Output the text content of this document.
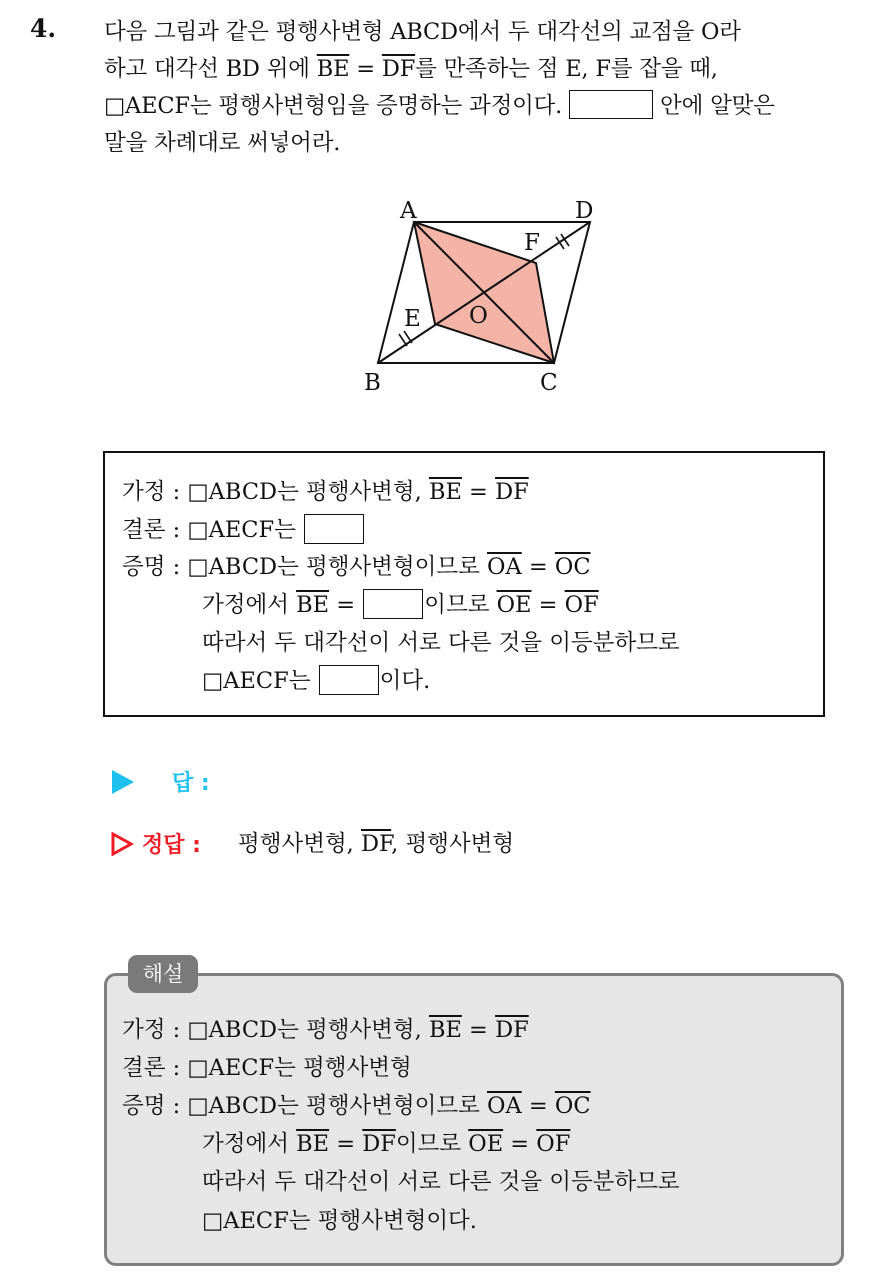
4. 다음 그림과 같은 평행사변형 ABCD에서 두 대각선의 교점을 O라
하고 대각선 BD 위에 $\overline{BE} = \overline{DF}$를 만족하는 점 E, F를 잡을 때,
□AECF는 평행사변형임을 증명하는 과정이다.	안에 알맞은
말을 차례대로 써넣어라.
A	D
B	C
E
F
O
가정 : □ABCD는 평행사변형, $\overline{BE} = \overline{DF}$
결론 : □AECF는
증명 : □ABCD는 평행사변형이므로 $\overline{OA} = \overline{OC}$
가정에서 $\overline{BE}$ =	이므로 $\overline{OE} = \overline{OF}$
따라서 두 대각선이 서로 다른 것을 이등분하므로
□AECF는	이다.
답 :
정답 : 평행사변형, $\overline{DF}$, 평행사변형
해설
가정 : □ABCD는 평행사변형, $\overline{BE} = \overline{DF}$
결론 : □AECF는 평행사변형
증명 : □ABCD는 평행사변형이므로 $\overline{OA} = \overline{OC}$
가정에서 $\overline{BE} = \overline{DF}$이므로 $\overline{OE} = \overline{OF}$
따라서 두 대각선이 서로 다른 것을 이등분하므로
□AECF는 평행사변형이다.
